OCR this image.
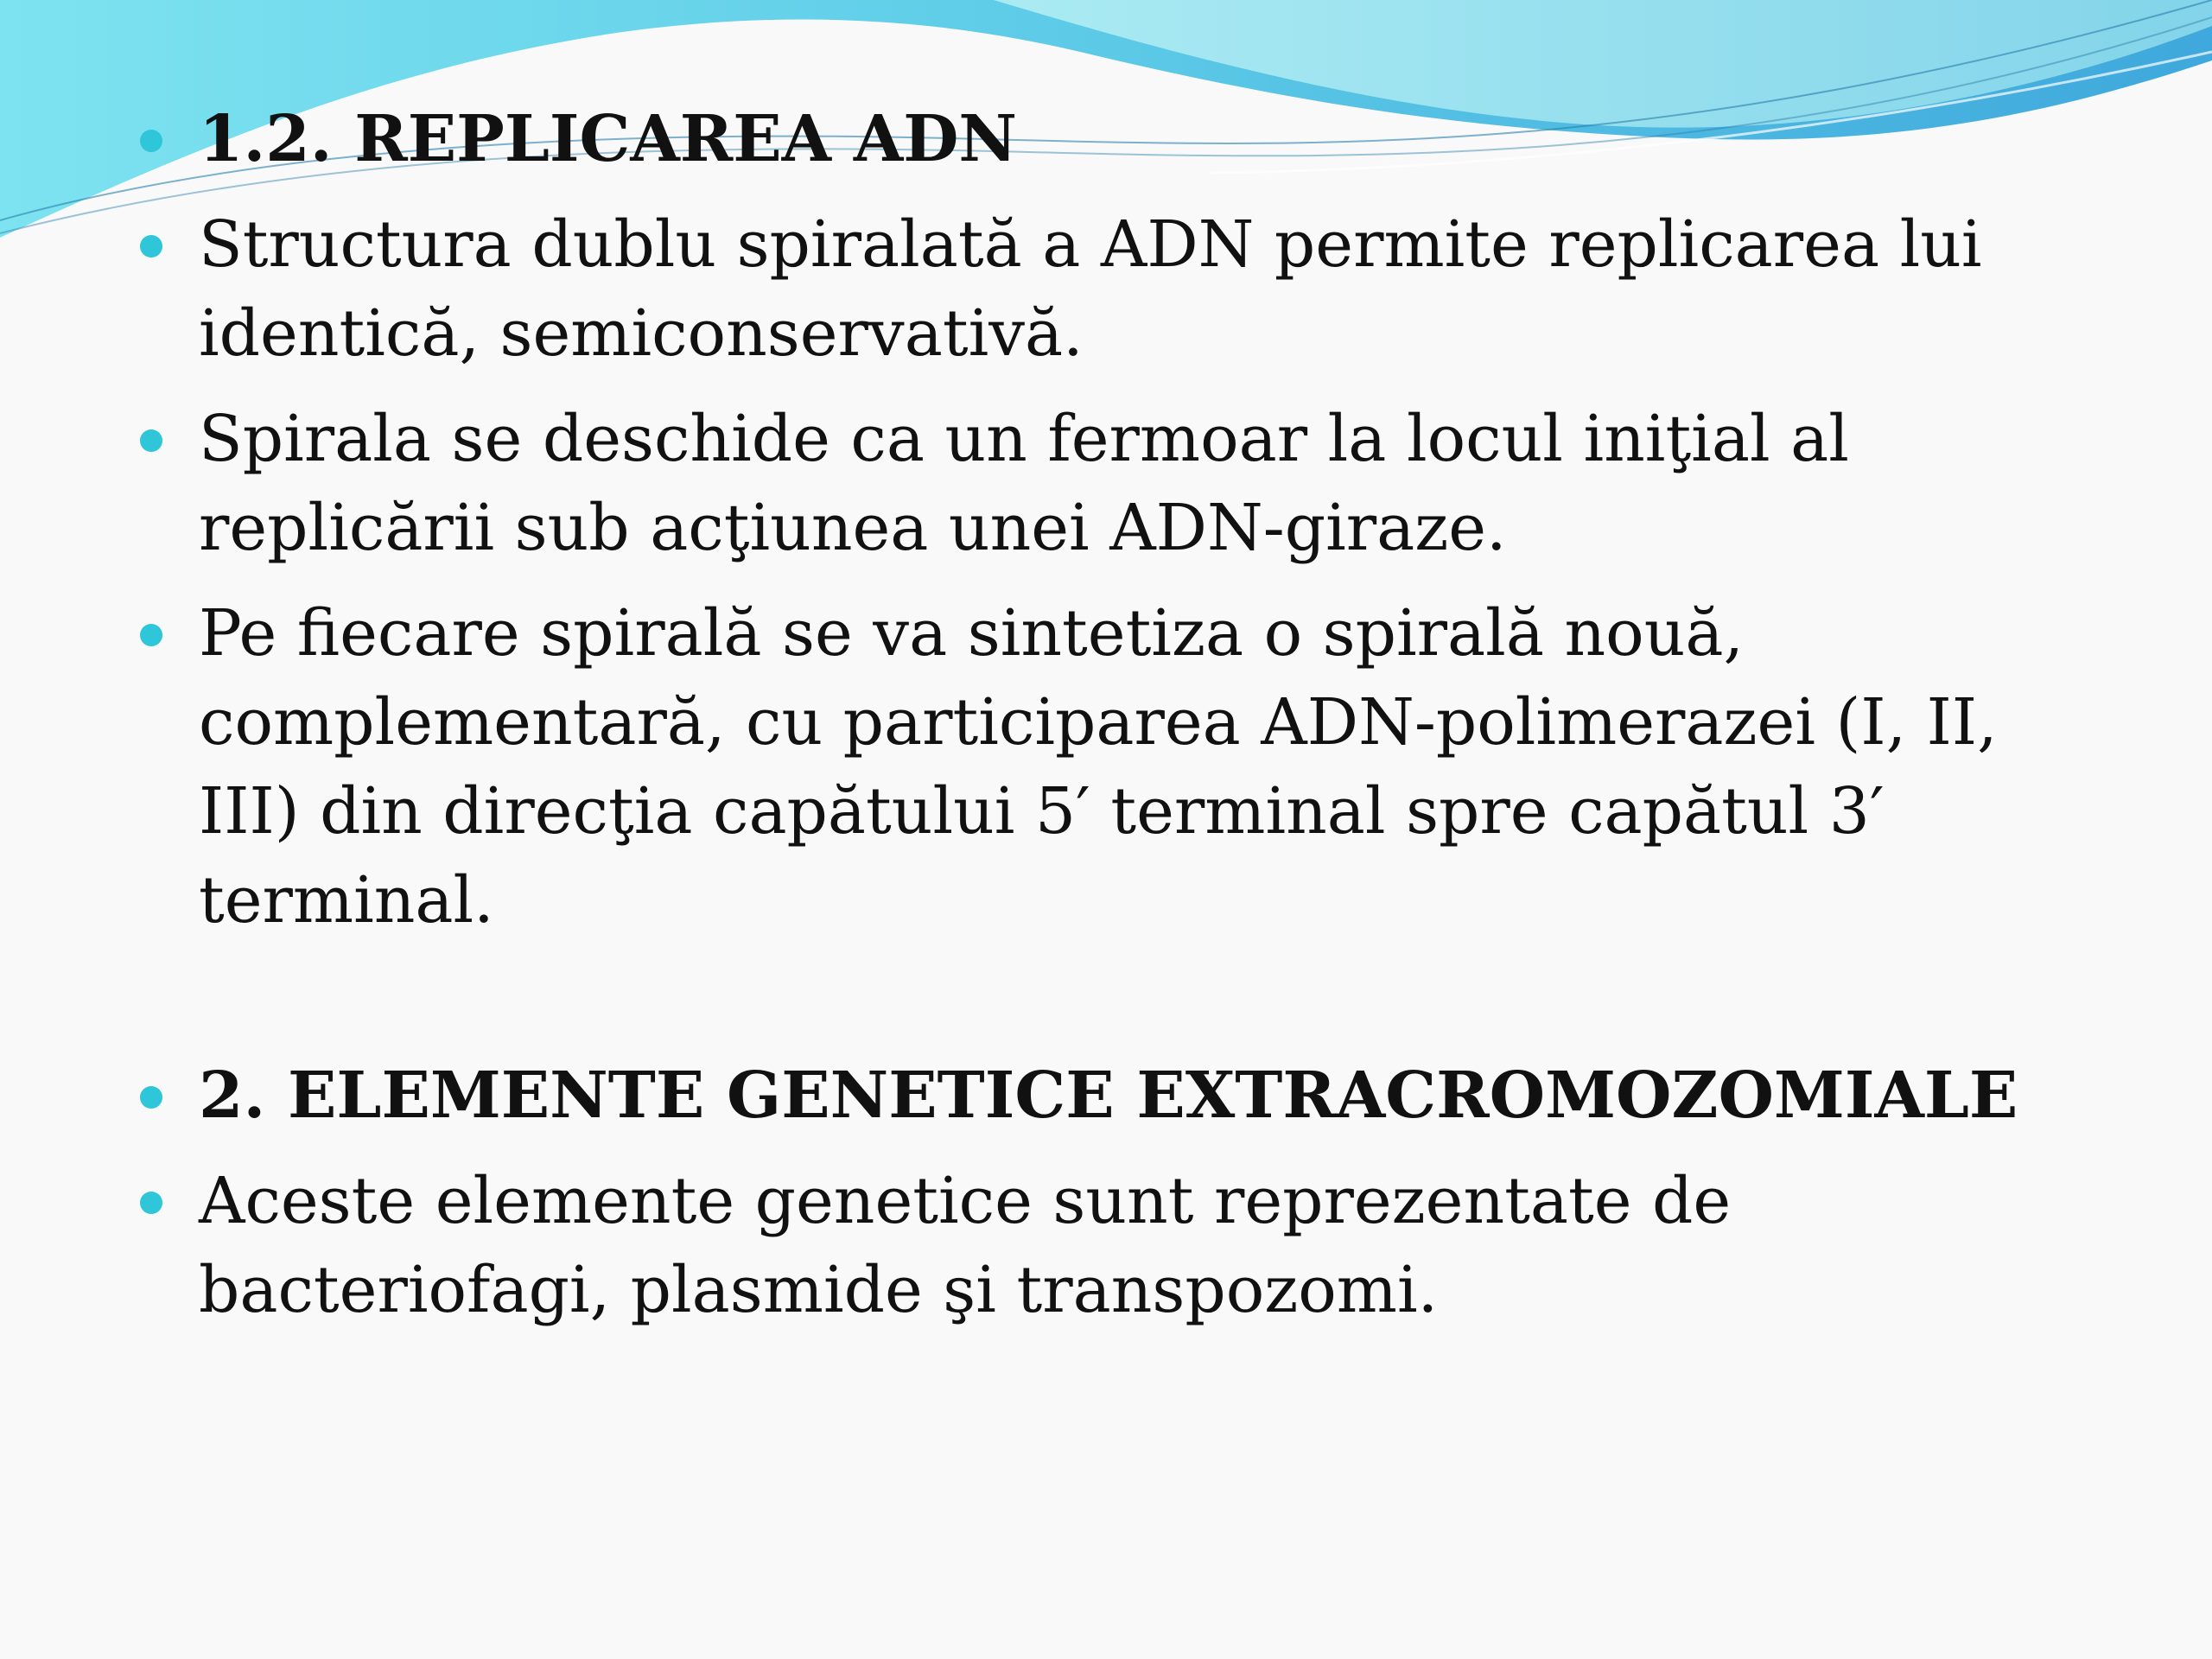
1.2. REPLICAREA ADN
Structura dublu spiralată a ADN permite replicarea lui identică, semiconservativă.
Spirala se deschide ca un fermoar la locul iniţial al replicării sub acţiunea unei ADN-giraze.
Pe fiecare spirală se va sintetiza o spirală nouă, complementară, cu participarea ADN-polimerazei (I, II, III) din direcţia capătului 5′ terminal spre capătul 3′ terminal.
2. ELEMENTE GENETICE EXTRACROMOZOMIALE
Aceste elemente genetice sunt reprezentate de bacteriofagi, plasmide şi transpozomi.
